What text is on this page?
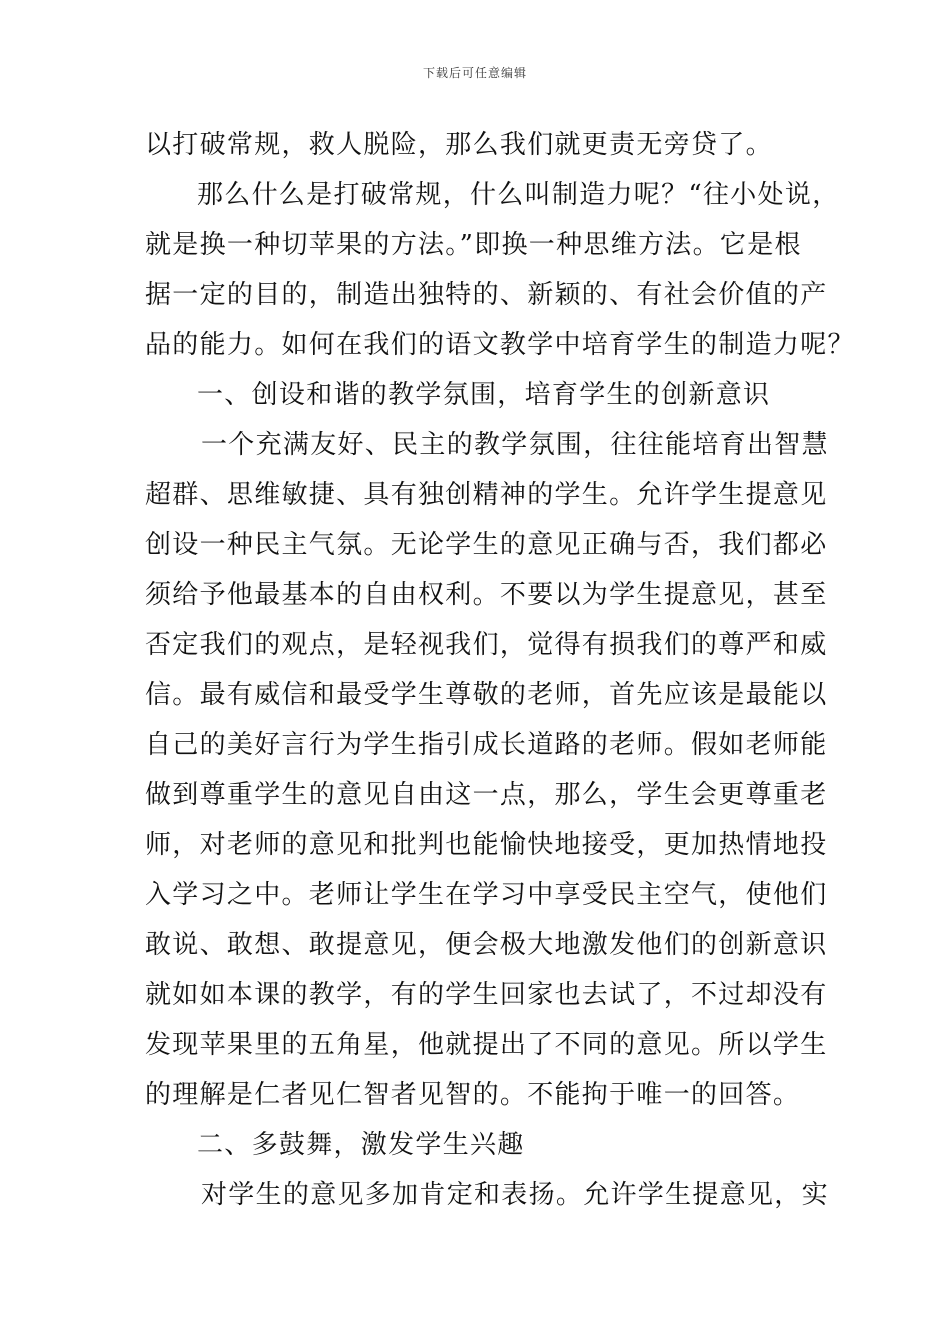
下载后可任意编辑
以打破常规，救人脱险，那么我们就更责无旁贷了。
那么什么是打破常规，什么叫制造力呢？“往小处说，
就是换一种切苹果的方法。”即换一种思维方法。它是根
据一定的目的，制造出独特的、新颖的、有社会价值的产
品的能力。如何在我们的语文教学中培育学生的制造力呢？
一、创设和谐的教学氛围，培育学生的创新意识
一个充满友好、民主的教学氛围，往往能培育出智慧
超群、思维敏捷、具有独创精神的学生。允许学生提意见
创设一种民主气氛。无论学生的意见正确与否，我们都必
须给予他最基本的自由权利。不要以为学生提意见，甚至
否定我们的观点，是轻视我们，觉得有损我们的尊严和威
信。最有威信和最受学生尊敬的老师，首先应该是最能以
自己的美好言行为学生指引成长道路的老师。假如老师能
做到尊重学生的意见自由这一点，那么，学生会更尊重老
师，对老师的意见和批判也能愉快地接受，更加热情地投
入学习之中。老师让学生在学习中享受民主空气，使他们
敢说、敢想、敢提意见，便会极大地激发他们的创新意识
就如如本课的教学，有的学生回家也去试了，不过却没有
发现苹果里的五角星，他就提出了不同的意见。所以学生
的理解是仁者见仁智者见智的。不能拘于唯一的回答。
二、多鼓舞，激发学生兴趣
对学生的意见多加肯定和表扬。允许学生提意见，实
